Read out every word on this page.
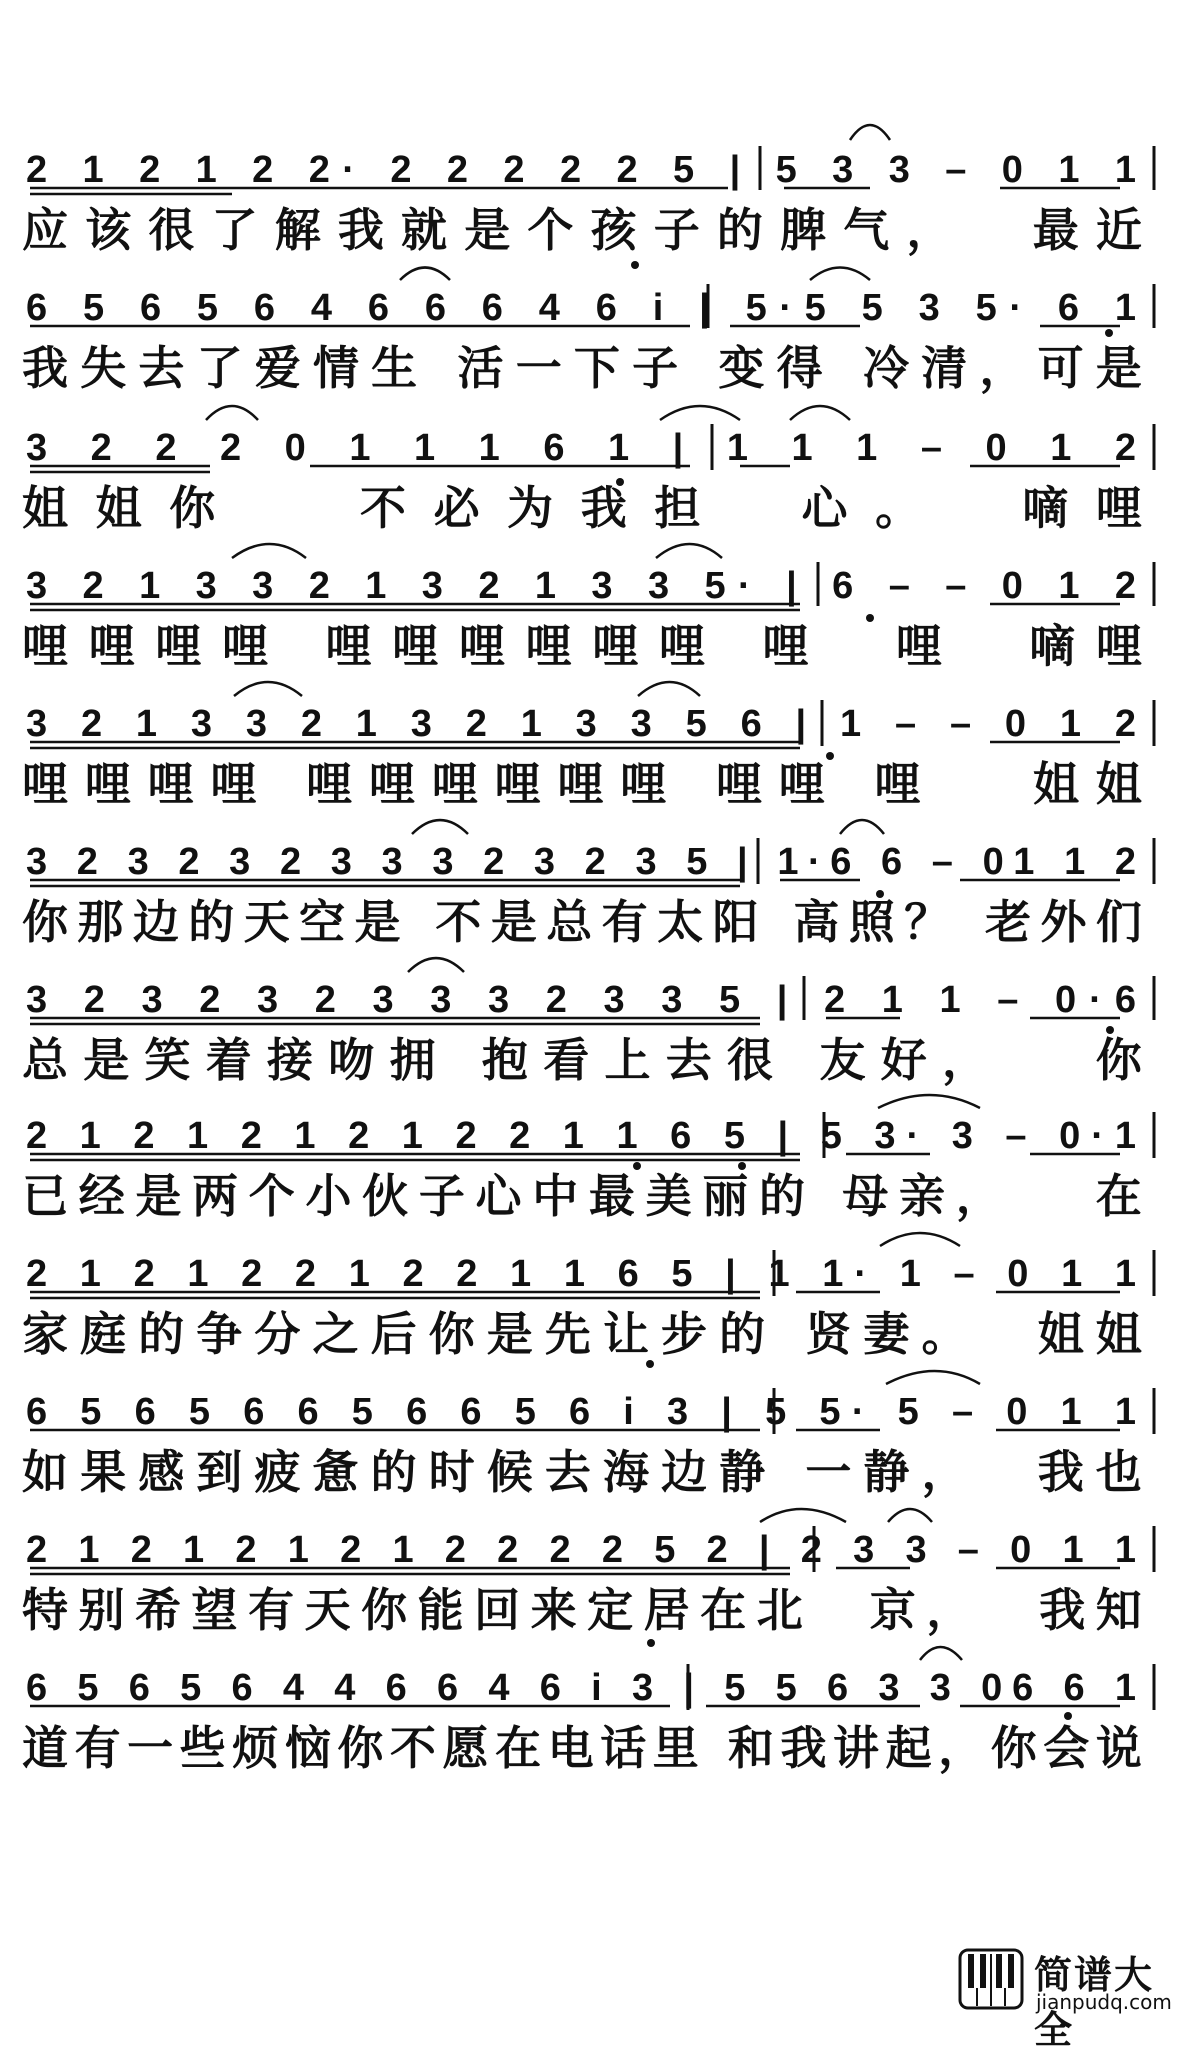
2 1 2 1 2 2· 2 2 2 2 2 5 | 5 3 3 – 0 1 1
应 该 很 了 解 我 就 是 个 孩 子 的 脾 气 ，
　 最 近
6 5 6 5 6 4 6 6 6 4 6 i | 5·5 5 3 5· 6 1
我 失 去 了 爱 情 生
活 一 下 子
变 得
冷 清 ， 可 是
3 2 2 2 0 1 1 1 6 1 | 1 1 1 – 0 1 2
姐 姐 你

	不 必 为 我 担
　 心 。
　 嘀 哩
3 2 1 3 3 2 1 3 2 1 3 3 5· | 6 – – 0 1 2
哩 哩 哩 哩
哩 哩 哩 哩 哩 哩
哩
　 哩
　 嘀 哩
3 2 1 3 3 2 1 3 2 1 3 3 5 6 | 1 – – 0 1 2
哩 哩 哩 哩
哩 哩 哩 哩 哩 哩
哩 哩
哩

姐 姐
3 2 3 2 3 2 3 3 3 2 3 2 3 5 | 1·6 6 – 01 1 2
你 那 边 的 天 空 是
不 是 总 有 太 阳
高 照 ？
老 外 们
3 2 3 2 3 2 3 3 3 2 3 3 5 | 2 1 1 – 0·6
总 是 笑 着 接 吻 拥
抱 看 上 去 很
友 好 ，

你
2 1 2 1 2 1 2 1 2 2 1 1 6 5 | 5 3· 3 – 0·1
已 经 是 两 个 小 伙 子 心 中 最 美 丽 的
母 亲 ，

在
2 1 2 1 2 2 1 2 2 1 1 6 5 | 1 1· 1 – 0 1 1
家 庭 的 争 分 之 后 你 是 先 让 步 的
贤 妻 。
　 姐 姐
6 5 6 5 6 6 5 6 6 5 6 i 3 | 5 5· 5 – 0 1 1
如 果 感 到 疲 惫 的 时 候 去 海 边 静
一 静 ，
　 我 也
2 1 2 1 2 1 2 1 2 2 2 2 5 2 | 2 3 3 – 0 1 1
特 别 希 望 有 天 你 能 回 来 定 居 在 北
　 京 ，
　 我 知
6 5 6 5 6 4 4 6 6 4 6 i 3 | 5 5 6 3 3 06 6 1
道 有 一 些 烦 恼 你 不 愿 在 电 话 里
和 我 讲 起 ， 你 会 说
简谱大全
jianpudq.com
